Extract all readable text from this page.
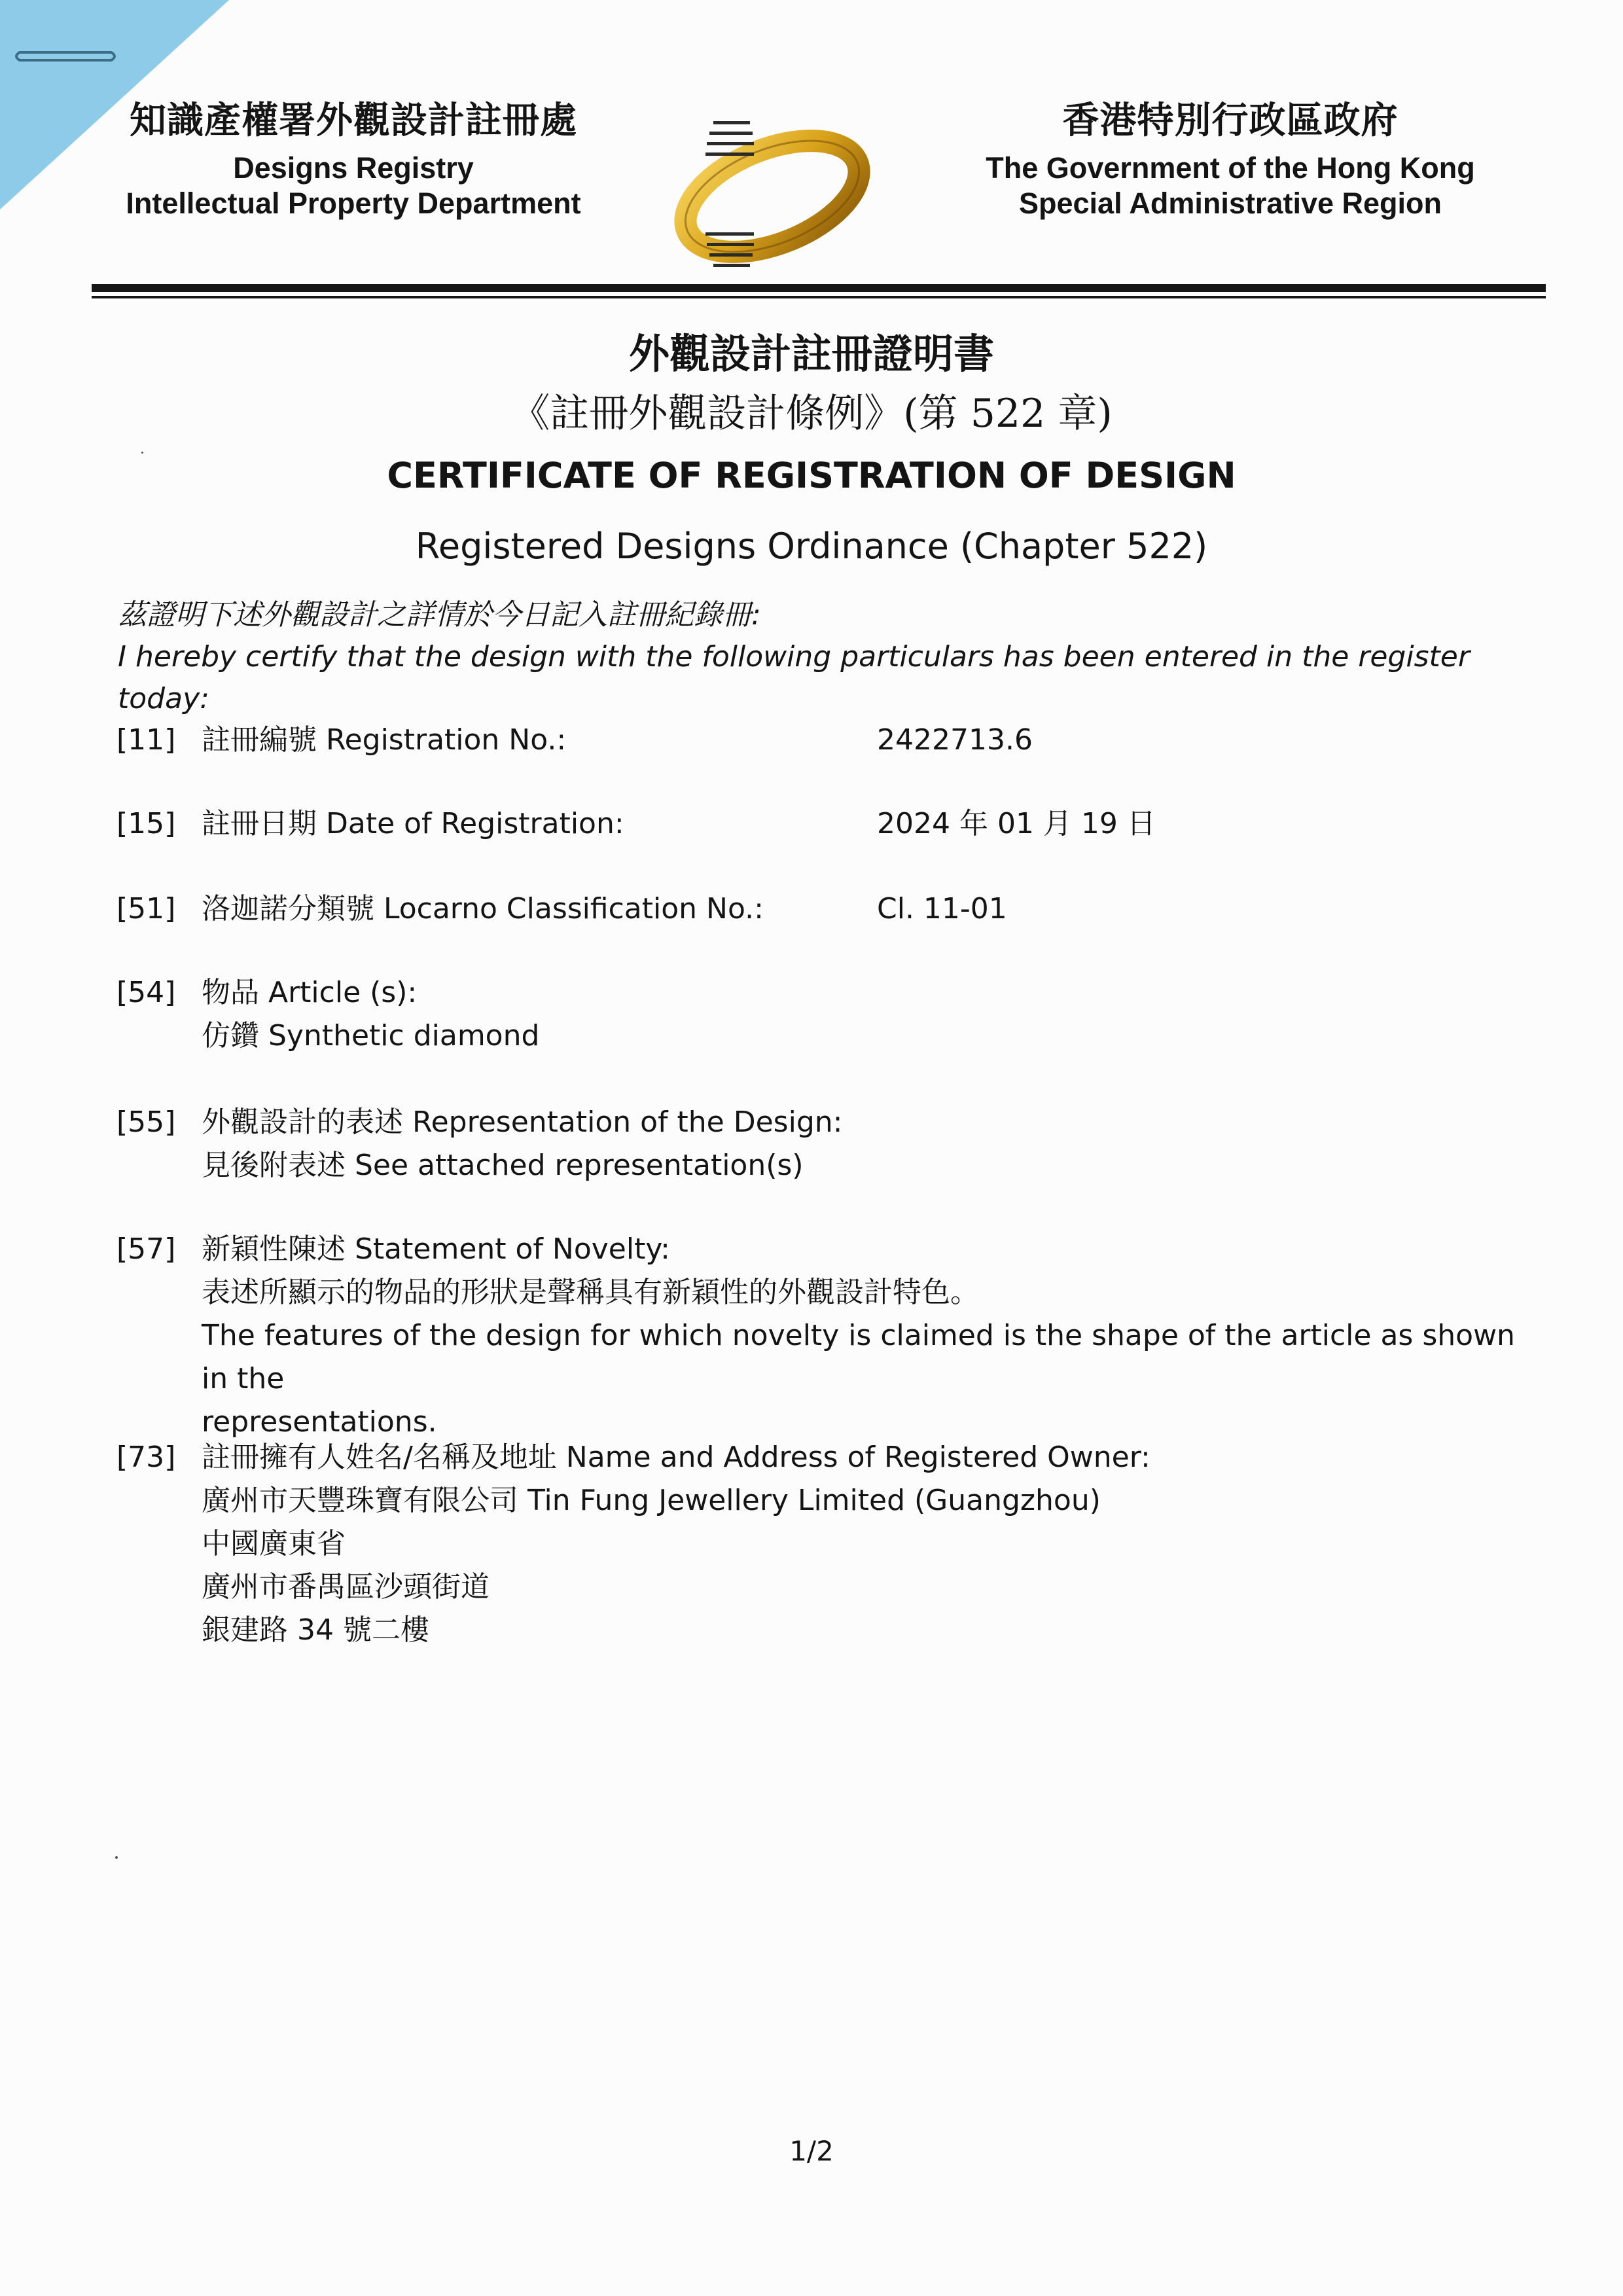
知識產權署外觀設計註冊處
Designs Registry
Intellectual Property Department
香港特別行政區政府
The Government of the Hong Kong
Special Administrative Region
外觀設計註冊證明書
《註冊外觀設計條例》(第 522 章)
CERTIFICATE OF REGISTRATION OF DESIGN
Registered Designs Ordinance (Chapter 522)
茲證明下述外觀設計之詳情於今日記入註冊紀錄冊:
I hereby certify that the design with the following particulars has been entered in the register today:
[11] 註冊編號 Registration No.:	2422713.6
[15] 註冊日期 Date of Registration:	2024 年 01 月 19 日
[51] 洛迦諾分類號 Locarno Classification No.:	Cl. 11-01
[54] 物品 Article (s):
仿鑽 Synthetic diamond
[55] 外觀設計的表述 Representation of the Design:
見後附表述 See attached representation(s)
[57] 新穎性陳述 Statement of Novelty:
表述所顯示的物品的形狀是聲稱具有新穎性的外觀設計特色。
The features of the design for which novelty is claimed is the shape of the article as shown in the
representations.
[73] 註冊擁有人姓名/名稱及地址 Name and Address of Registered Owner:
廣州市天豐珠寶有限公司 Tin Fung Jewellery Limited (Guangzhou)
中國廣東省
廣州市番禺區沙頭街道
銀建路 34 號二樓
1/2
